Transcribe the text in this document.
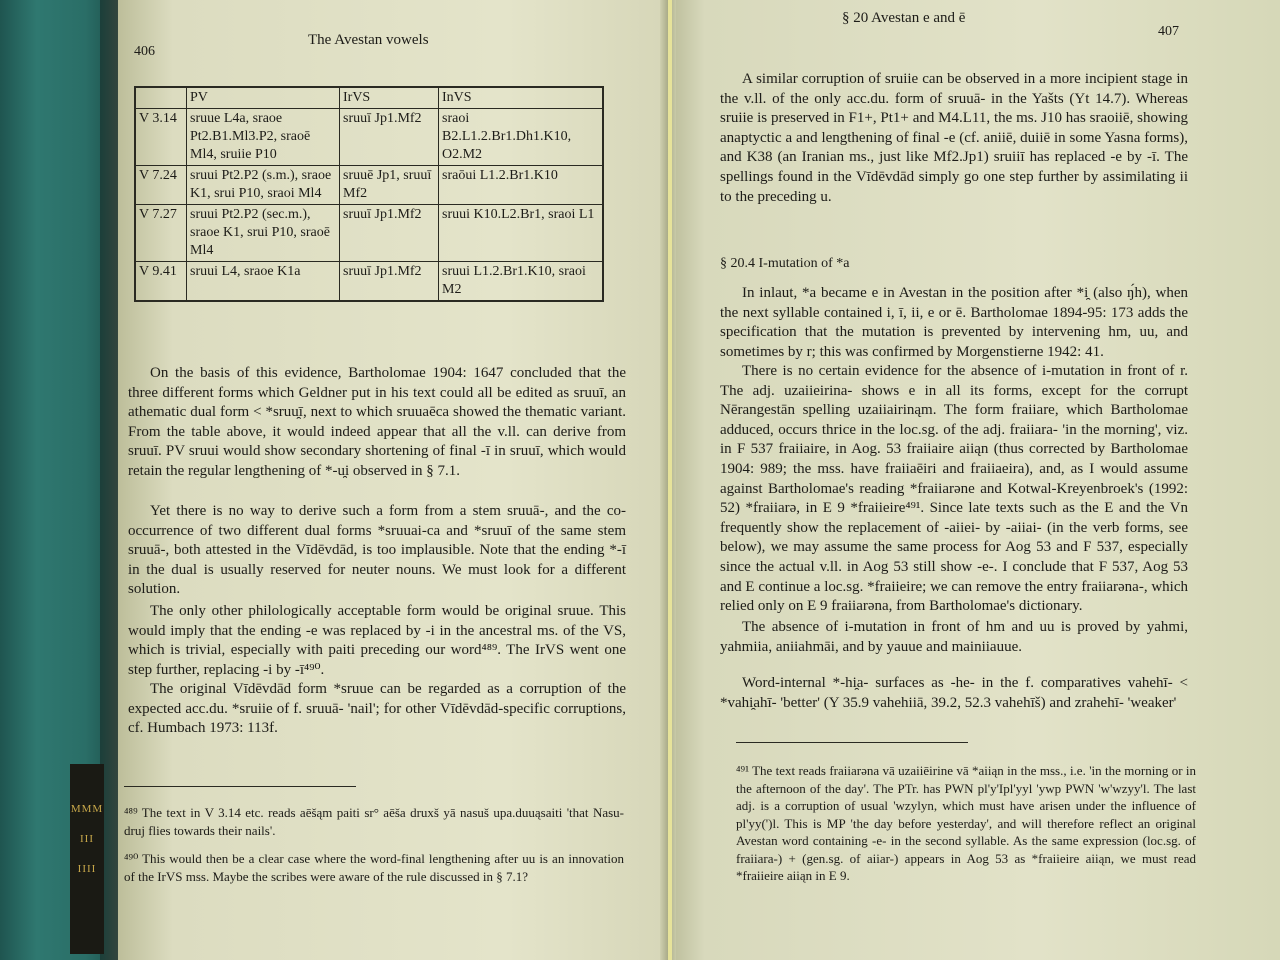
MMM
III
IIII
406
The Avestan vowels
	PV	IrVS	InVS
V 3.14	sruue L4a, sraoe Pt2.B1.Ml3.P2, sraoē Ml4, sruiie P10	sruuī Jp1.Mf2	sraoi B2.L1.2.Br1.Dh1.K10, O2.M2
V 7.24	sruui Pt2.P2 (s.m.), sraoe K1, srui P10, sraoi Ml4	sruuē Jp1, sruuī Mf2	sraōui L1.2.Br1.K10
V 7.27	sruui Pt2.P2 (sec.m.), sraoe K1, srui P10, sraoē Ml4	sruuī Jp1.Mf2	sruui K10.L2.Br1, sraoi L1
V 9.41	sruui L4, sraoe K1a	sruuī Jp1.Mf2	sruui L1.2.Br1.K10, sraoi M2

On the basis of this evidence, Bartholomae 1904: 1647 concluded that the three different forms which Geldner put in his text could all be edited as sruuī, an athematic dual form < *sruu̯ī, next to which sruuaēca showed the thematic variant. From the table above, it would indeed appear that all the v.ll. can derive from sruuī. PV sruui would show secondary shortening of final -ī in sruuī, which would retain the regular lengthening of *-u̯i observed in § 7.1.

Yet there is no way to derive such a form from a stem sruuā-, and the co-occurrence of two different dual forms *sruuai-ca and *sruuī of the same stem sruuā-, both attested in the Vīdēvdād, is too implausible. Note that the ending *-ī in the dual is usually reserved for neuter nouns. We must look for a different solution.

The only other philologically acceptable form would be original sruue. This would imply that the ending -e was replaced by -i in the ancestral ms. of the VS, which is trivial, especially with paiti preceding our word⁴⁸⁹. The IrVS went one step further, replacing -i by -ī⁴⁹⁰.

The original Vīdēvdād form *sruue can be regarded as a corruption of the expected acc.du. *sruiie of f. sruuā- 'nail'; for other Vīdēvdād-specific corruptions, cf. Humbach 1973: 113f.

⁴⁸⁹ The text in V 3.14 etc. reads aēšąm paiti sr° aēša druxš yā nasuš upa.duuąsaiti 'that Nasu-druj flies towards their nails'.

⁴⁹⁰ This would then be a clear case where the word-final lengthening after uu is an innovation of the IrVS mss. Maybe the scribes were aware of the rule discussed in § 7.1?

§ 20 Avestan e and ē
407

A similar corruption of sruiie can be observed in a more incipient stage in the v.ll. of the only acc.du. form of sruuā- in the Yašts (Yt 14.7). Whereas sruiie is preserved in F1+, Pt1+ and M4.L11, the ms. J10 has sraoiiē, showing anaptyctic a and lengthening of final -e (cf. aniiē, duiiē in some Yasna forms), and K38 (an Iranian ms., just like Mf2.Jp1) sruiiī has replaced -e by -ī. The spellings found in the Vīdēvdād simply go one step further by assimilating ii to the preceding u.

§ 20.4 I-mutation of *a

In inlaut, *a became e in Avestan in the position after *i̯ (also ŋ́h), when the next syllable contained i, ī, ii, e or ē. Bartholomae 1894-95: 173 adds the specification that the mutation is prevented by intervening hm, uu, and sometimes by r; this was confirmed by Morgenstierne 1942: 41.

There is no certain evidence for the absence of i-mutation in front of r. The adj. uzaiieirina- shows e in all its forms, except for the corrupt Nērangestān spelling uzaiiairinąm. The form fraiiare, which Bartholomae adduced, occurs thrice in the loc.sg. of the adj. fraiiara- 'in the morning', viz. in F 537 fraiiaire, in Aog. 53 fraiiaire aiiąn (thus corrected by Bartholomae 1904: 989; the mss. have fraiiaēiri and fraiiaeira), and, as I would assume against Bartholomae's reading *fraiiarəne and Kotwal-Kreyenbroek's (1992: 52) *fraiiarə, in E 9 *fraiieire⁴⁹¹. Since late texts such as the E and the Vn frequently show the replacement of -aiiei- by -aiiai- (in the verb forms, see below), we may assume the same process for Aog 53 and F 537, especially since the actual v.ll. in Aog 53 still show -e-. I conclude that F 537, Aog 53 and E continue a loc.sg. *fraiieire; we can remove the entry fraiiarəna-, which relied only on E 9 fraiiarəna, from Bartholomae's dictionary.

The absence of i-mutation in front of hm and uu is proved by yahmi, yahmiia, aniiahmāi, and by yauue and mainiiauue.

Word-internal *-hi̯a- surfaces as -he- in the f. comparatives vahehī- < *vahi̯ahī- 'better' (Y 35.9 vahehiiā, 39.2, 52.3 vahehīš) and zrahehī- 'weaker'

⁴⁹¹ The text reads fraiiarəna vā uzaiiēirine vā *aiiąn in the mss., i.e. 'in the morning or in the afternoon of the day'. The PTr. has PWN pl'y'Ipl'yyl 'ywp PWN 'w'wzyy'l. The last adj. is a corruption of usual 'wzylyn, which must have arisen under the influence of pl'yy(')l. This is MP 'the day before yesterday', and will therefore reflect an original Avestan word containing -e- in the second syllable. As the same expression (loc.sg. of fraiiara-) + (gen.sg. of aiiar-) appears in Aog 53 as *fraiieire aiiąn, we must read *fraiieire aiiąn in E 9.
